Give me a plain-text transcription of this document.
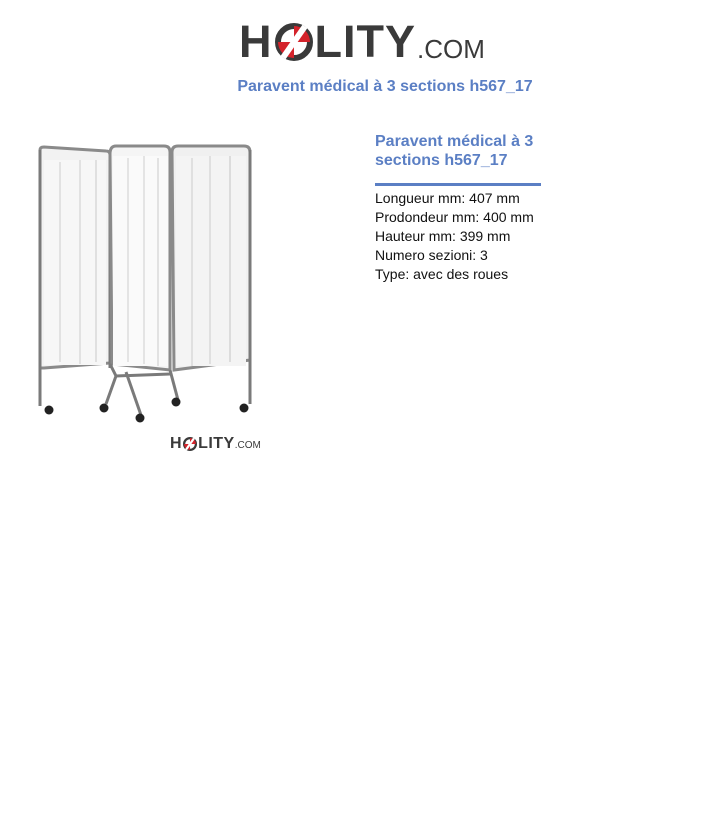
H LITY .COM
Paravent médical à 3 sections h567_17
H LITY .COM
Paravent médical à 3 sections h567_17
Longueur mm: 407 mm
Prodondeur mm: 400 mm
Hauteur mm: 399 mm
Numero sezioni: 3
Type: avec des roues
